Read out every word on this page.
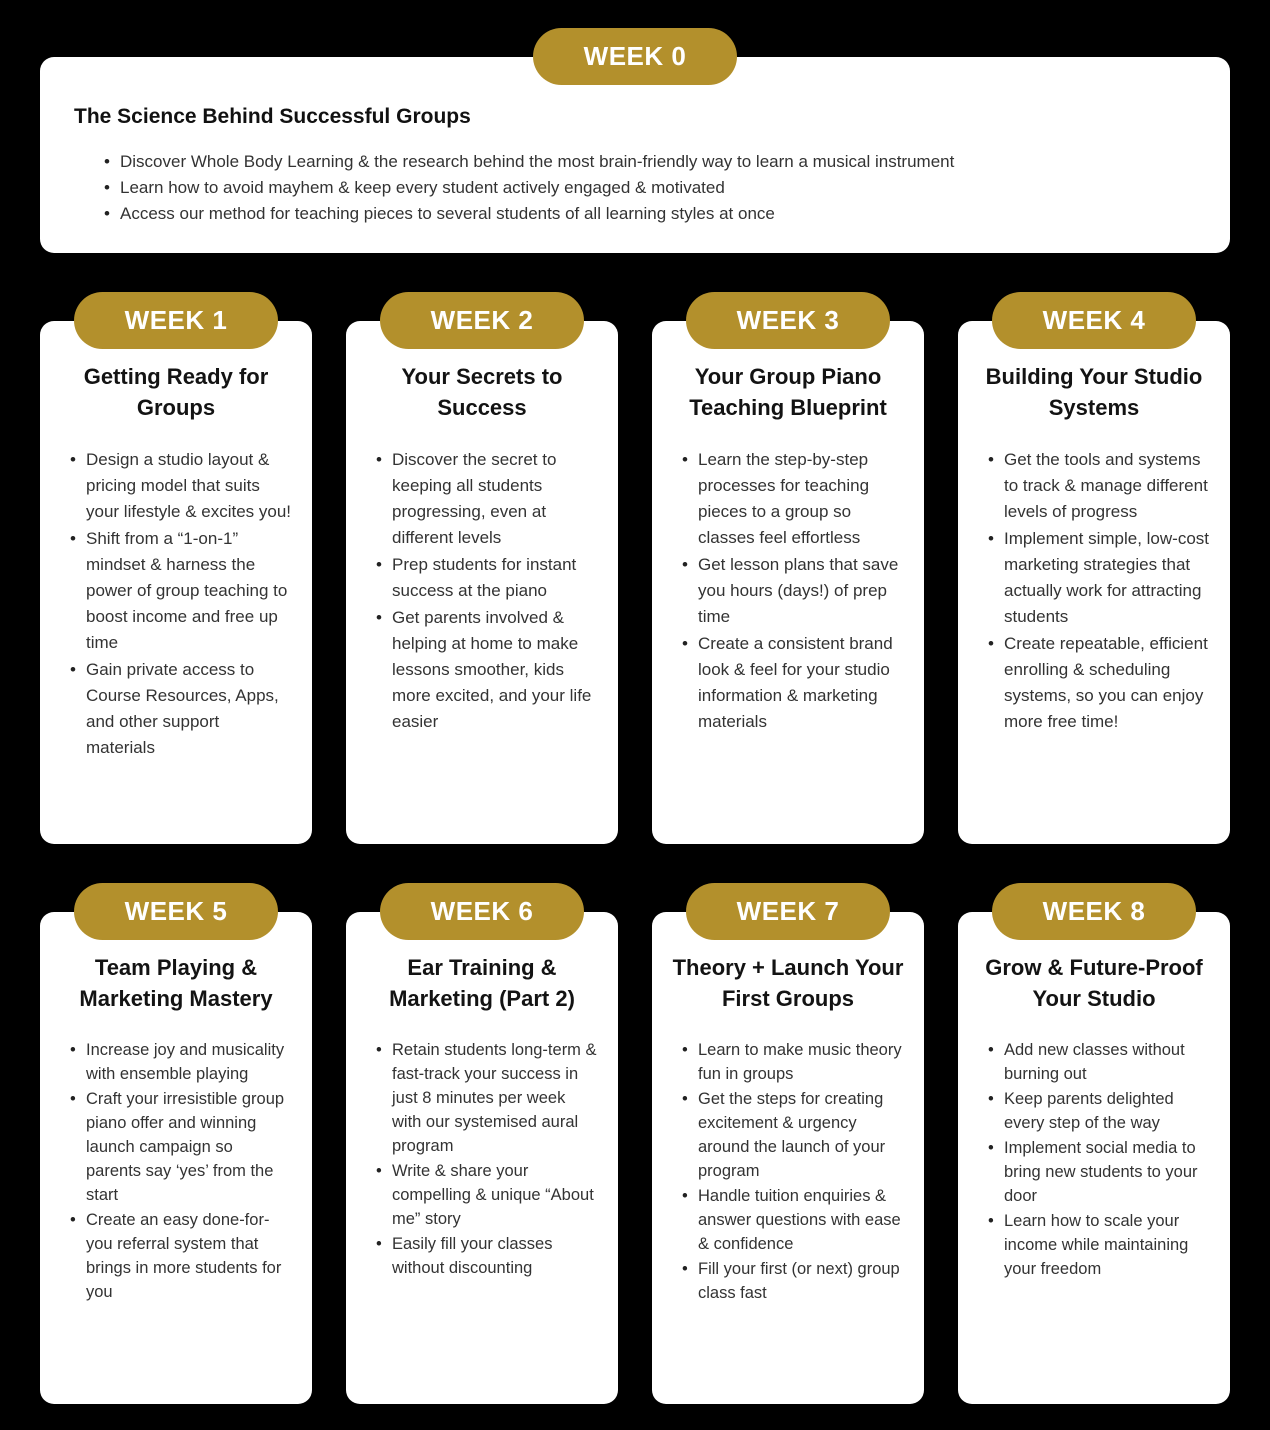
WEEK 0
The Science Behind Successful Groups
• Discover Whole Body Learning & the research behind the most brain-friendly way to learn a musical instrument
• Learn how to avoid mayhem & keep every student actively engaged & motivated
• Access our method for teaching pieces to several students of all learning styles at once
WEEK 1
Getting Ready for Groups
• Design a studio layout & pricing model that suits your lifestyle & excites you!
• Shift from a “1-on-1” mindset & harness the power of group teaching to boost income and free up time
• Gain private access to Course Resources, Apps, and other support materials
WEEK 2
Your Secrets to Success
• Discover the secret to keeping all students progressing, even at different levels
• Prep students for instant success at the piano
• Get parents involved & helping at home to make lessons smoother, kids more excited, and your life easier
WEEK 3
Your Group Piano Teaching Blueprint
• Learn the step-by-step processes for teaching pieces to a group so classes feel effortless
• Get lesson plans that save you hours (days!) of prep time
• Create a consistent brand look & feel for your studio information & marketing materials
WEEK 4
Building Your Studio Systems
• Get the tools and systems to track & manage different levels of progress
• Implement simple, low-cost marketing strategies that actually work for attracting students
• Create repeatable, efficient enrolling & scheduling systems, so you can enjoy more free time!
WEEK 5
Team Playing & Marketing Mastery
• Increase joy and musicality with ensemble playing
• Craft your irresistible group piano offer and winning launch campaign so parents say ‘yes’ from the start
• Create an easy done-for-you referral system that brings in more students for you
WEEK 6
Ear Training & Marketing (Part 2)
• Retain students long-term & fast-track your success in just 8 minutes per week with our systemised aural program
• Write & share your compelling & unique “About me” story
• Easily fill your classes without discounting
WEEK 7
Theory + Launch Your First Groups
• Learn to make music theory fun in groups
• Get the steps for creating excitement & urgency around the launch of your program
• Handle tuition enquiries & answer questions with ease & confidence
• Fill your first (or next) group class fast
WEEK 8
Grow & Future-Proof Your Studio
• Add new classes without burning out
• Keep parents delighted every step of the way
• Implement social media to bring new students to your door
• Learn how to scale your income while maintaining your freedom
